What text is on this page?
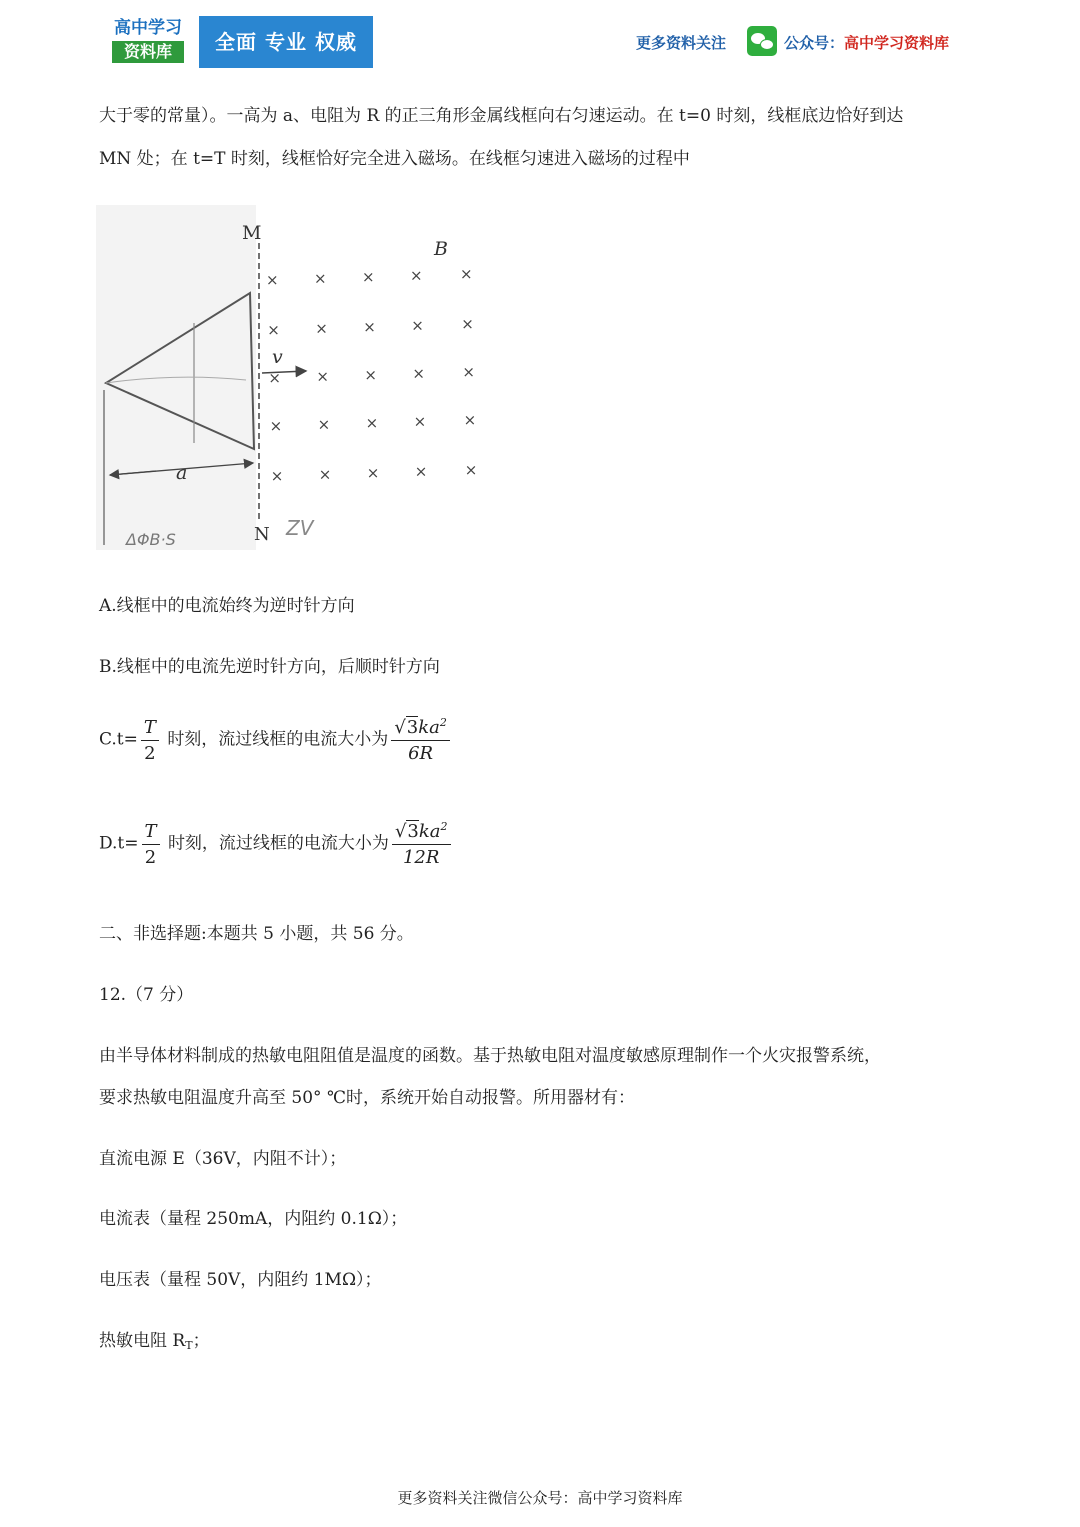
高中学习
资料库	全面 专业 权威	更多资料关注	公众号：高中学习资料库
大于零的常量）。一高为 a、电阻为 R 的正三角形金属线框向右匀速运动。在 t=0 时刻，线框底边恰好到达
MN 处；在 t=T 时刻，线框恰好完全进入磁场。在线框匀速进入磁场的过程中
M
N
B
v
a
ΔΦB·S	ZV
× × × × ×
× × × × ×
× × × × ×
× × × × ×
× × × × ×
A.线框中的电流始终为逆时针方向
B.线框中的电流先逆时针方向，后顺时针方向
$C.t= \frac{T}{2}$ 时刻，流过线框的电流大小为 $\frac{√3ka^2}{6R}$
$D.t= \frac{T}{2}$ 时刻，流过线框的电流大小为 $\frac{√3ka^2}{12R}$
二、非选择题:本题共 5 小题，共 56 分。
12.（7 分）
由半导体材料制成的热敏电阻阻值是温度的函数。基于热敏电阻对温度敏感原理制作一个火灾报警系统，
要求热敏电阻温度升高至 50° ℃时，系统开始自动报警。所用器材有：
直流电源 E（36V，内阻不计）；
电流表（量程 250mA，内阻约 0.1Ω）；
电压表（量程 50V，内阻约 1MΩ）；
热敏电阻 $R_T$；
更多资料关注微信公众号：高中学习资料库
